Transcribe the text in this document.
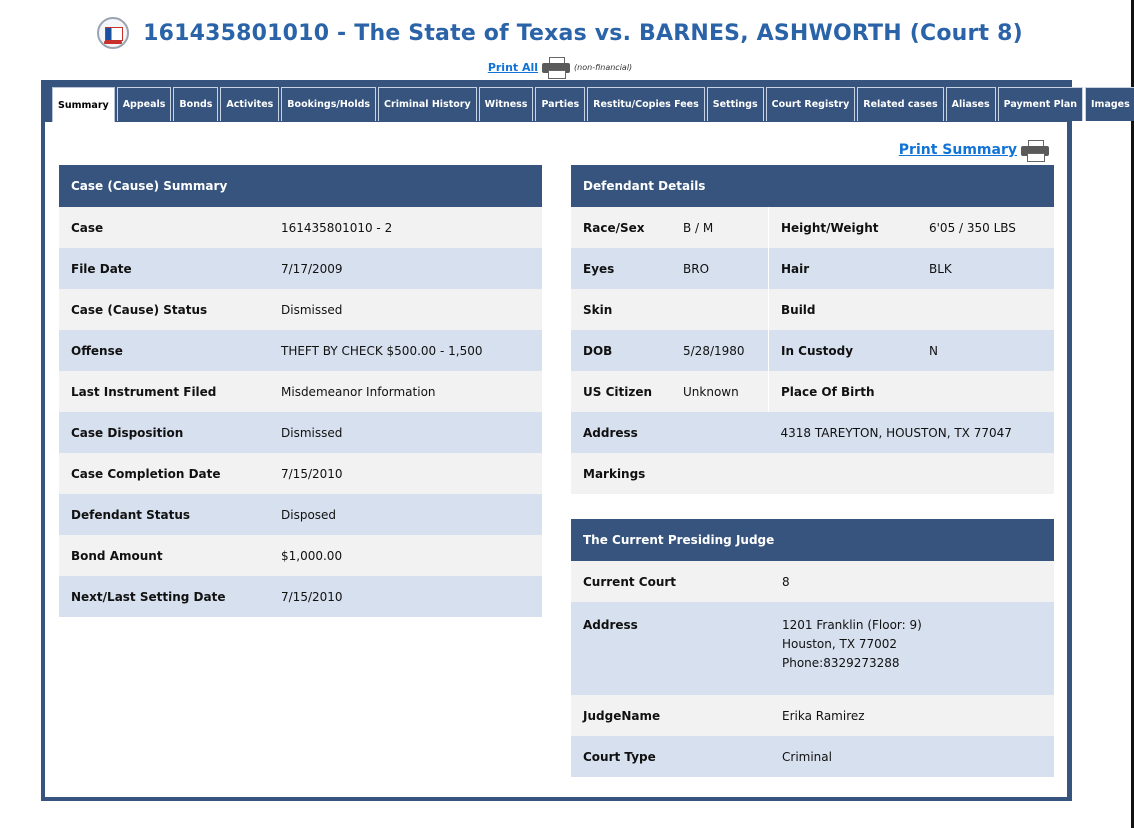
161435801010 - The State of Texas vs. BARNES, ASHWORTH (Court 8)
Print All	(non-financial)
Summary	Appeals	Bonds	Activites	Bookings/Holds	Criminal History	Witness	Parties	Restitu/Copies Fees	Settings	Court Registry	Related cases	Aliases	Payment Plan	Images
Print Summary
Case (Cause) Summary	
Case	161435801010 - 2
File Date	7/17/2009
Case (Cause) Status	Dismissed
Offense	THEFT BY CHECK $500.00 - 1,500
Last Instrument Filed	Misdemeanor Information
Case Disposition	Dismissed
Case Completion Date	7/15/2010
Defendant Status	Disposed
Bond Amount	$1,000.00
Next/Last Setting Date	7/15/2010
Defendant Details			
Race/Sex	B / M	Height/Weight	6'05 / 350 LBS
Eyes	BRO	Hair	BLK
Skin		Build	
DOB	5/28/1980	In Custody	N
US Citizen	Unknown	Place Of Birth	
Address		4318 TAREYTON, HOUSTON, TX 77047	
Markings			
The Current Presiding Judge	
Current Court	8
Address	1201 Franklin (Floor: 9)
Houston, TX 77002
Phone:8329273288

JudgeName	Erika Ramirez
Court Type	Criminal
